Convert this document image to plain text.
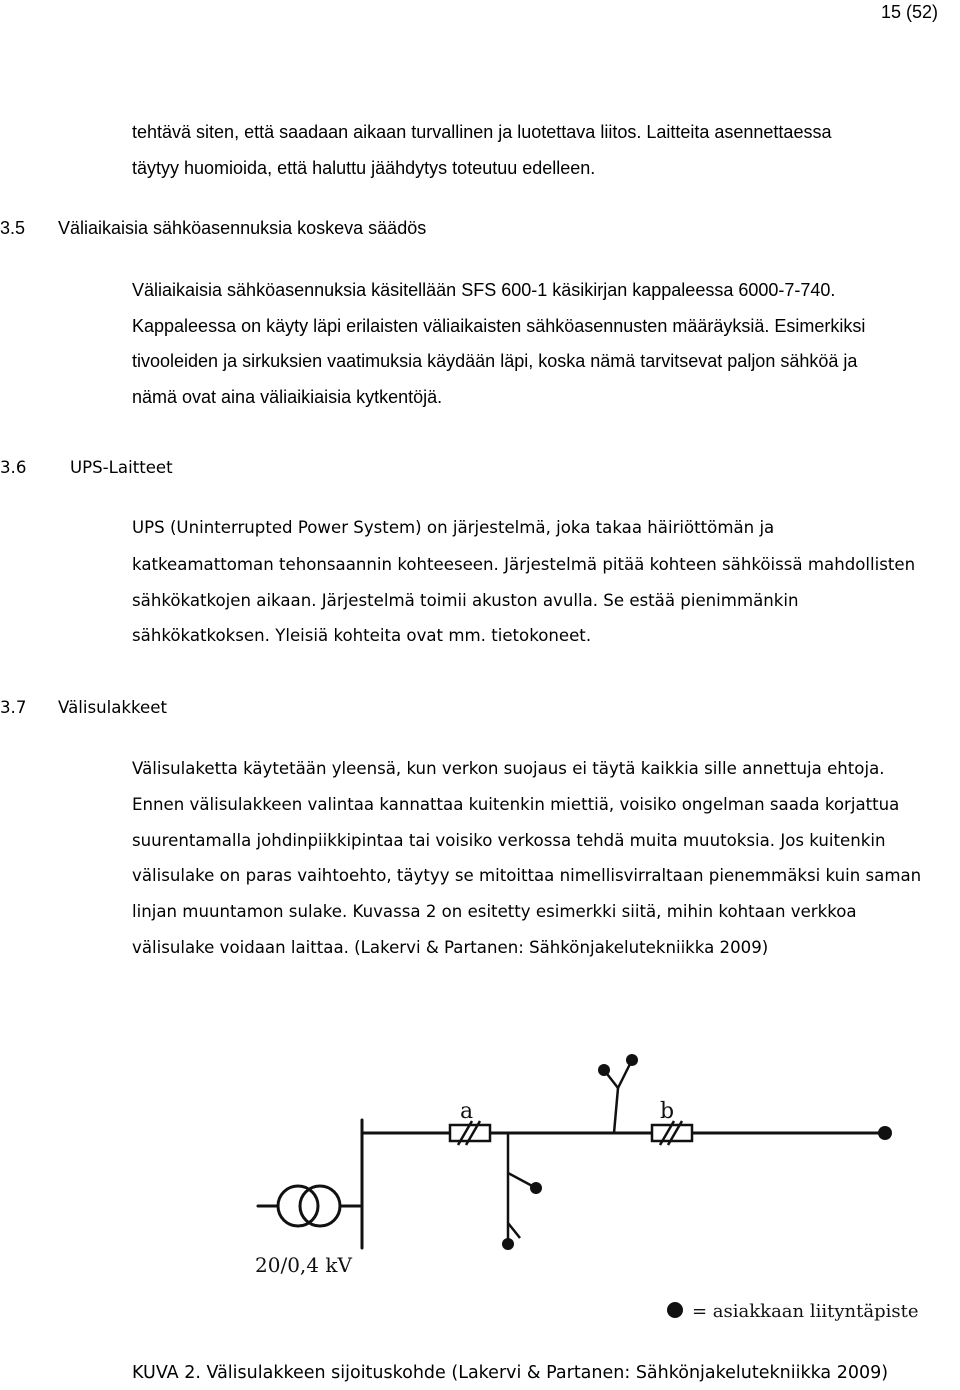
15 (52)
tehtävä siten, että saadaan aikaan turvallinen ja luotettava liitos. Laitteita asennettaessa
täytyy huomioida, että haluttu jäähdytys toteutuu edelleen.
3.5 Väliaikaisia sähköasennuksia koskeva säädös
Väliaikaisia sähköasennuksia käsitellään SFS 600-1 käsikirjan kappaleessa 6000-7-740.
Kappaleessa on käyty läpi erilaisten väliaikaisten sähköasennusten määräyksiä. Esimerkiksi
tivooleiden ja sirkuksien vaatimuksia käydään läpi, koska nämä tarvitsevat paljon sähköä ja
nämä ovat aina väliaikiaisia kytkentöjä.
3.6	UPS-Laitteet
UPS (Uninterrupted Power System) on järjestelmä, joka takaa häiriöttömän ja
katkeamattoman tehonsaannin kohteeseen. Järjestelmä pitää kohteen sähköissä mahdollisten
sähkökatkojen aikaan. Järjestelmä toimii akuston avulla. Se estää pienimmänkin
sähkökatkoksen. Yleisiä kohteita ovat mm. tietokoneet.
3.7 Välisulakkeet
Välisulaketta käytetään yleensä, kun verkon suojaus ei täytä kaikkia sille annettuja ehtoja.
Ennen välisulakkeen valintaa kannattaa kuitenkin miettiä, voisiko ongelman saada korjattua
suurentamalla johdinpiikkipintaa tai voisiko verkossa tehdä muita muutoksia. Jos kuitenkin
välisulake on paras vaihtoehto, täytyy se mitoittaa nimellisvirraltaan pienemmäksi kuin saman
linjan muuntamon sulake. Kuvassa 2 on esitetty esimerkki siitä, mihin kohtaan verkkoa
välisulake voidaan laittaa. (Lakervi & Partanen: Sähkönjakelutekniikka 2009)
a	b
20/0,4 kV
= asiakkaan liityntäpiste
KUVA 2. Välisulakkeen sijoituskohde (Lakervi & Partanen: Sähkönjakelutekniikka 2009)
